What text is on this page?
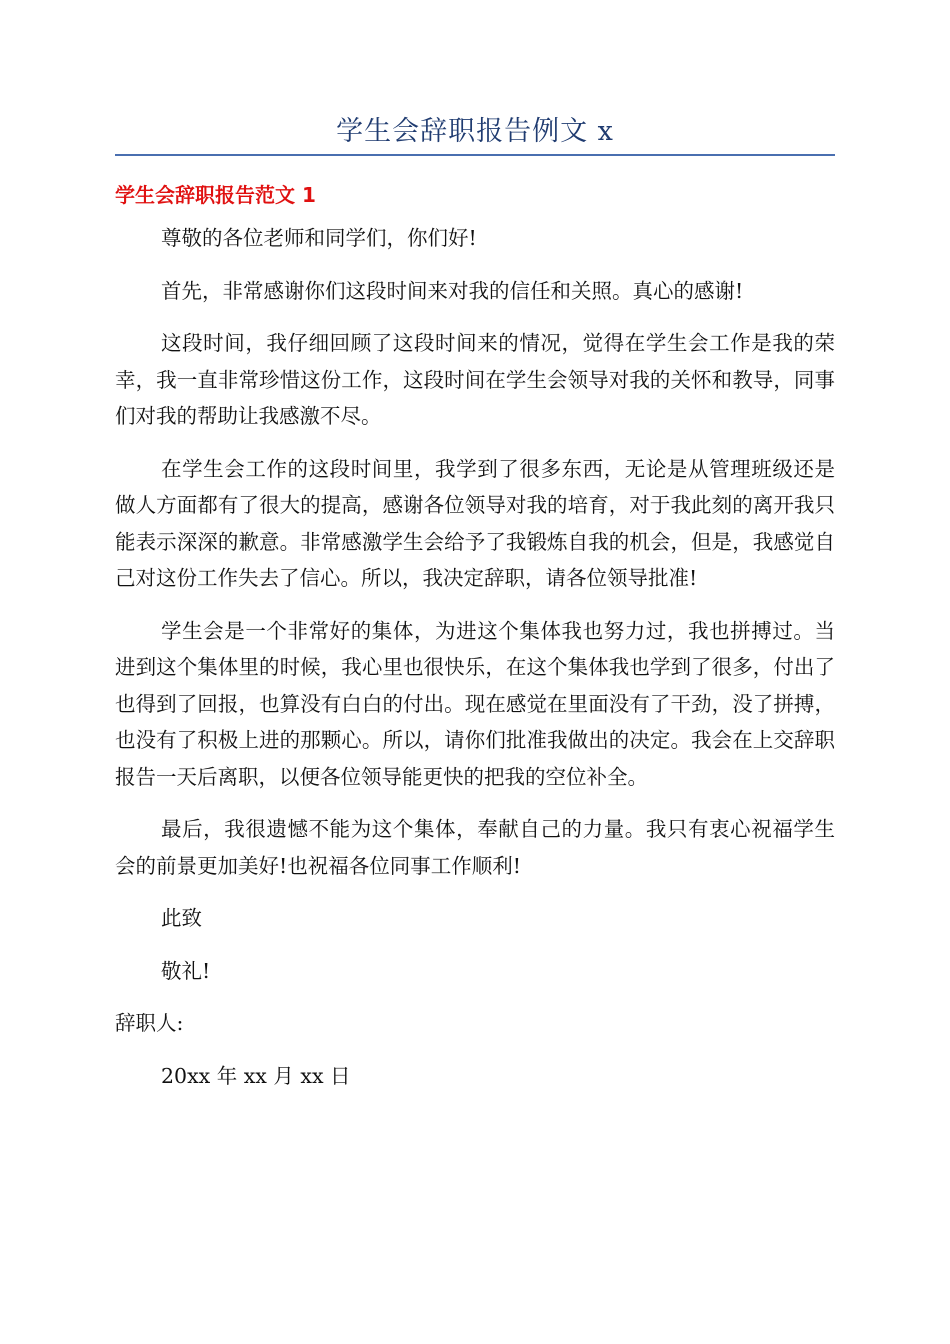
学生会辞职报告例文 x
学生会辞职报告范文 1

尊敬的各位老师和同学们，你们好!

首先，非常感谢你们这段时间来对我的信任和关照。真心的感谢!

这段时间，我仔细回顾了这段时间来的情况，觉得在学生会工作是我的荣幸，我一直非常珍惜这份工作，这段时间在学生会领导对我的关怀和教导，同事们对我的帮助让我感激不尽。

在学生会工作的这段时间里，我学到了很多东西，无论是从管理班级还是做人方面都有了很大的提高，感谢各位领导对我的培育，对于我此刻的离开我只能表示深深的歉意。非常感激学生会给予了我锻炼自我的机会，但是，我感觉自己对这份工作失去了信心。所以，我决定辞职，请各位领导批准!

学生会是一个非常好的集体，为进这个集体我也努力过，我也拼搏过。当进到这个集体里的时候，我心里也很快乐，在这个集体我也学到了很多，付出了也得到了回报，也算没有白白的付出。现在感觉在里面没有了干劲，没了拼搏，也没有了积极上进的那颗心。所以，请你们批准我做出的决定。我会在上交辞职报告一天后离职，以便各位领导能更快的把我的空位补全。

最后，我很遗憾不能为这个集体，奉献自己的力量。我只有衷心祝福学生会的前景更加美好!也祝福各位同事工作顺利!

此致

敬礼!

辞职人:

20xx 年 xx 月 xx 日
